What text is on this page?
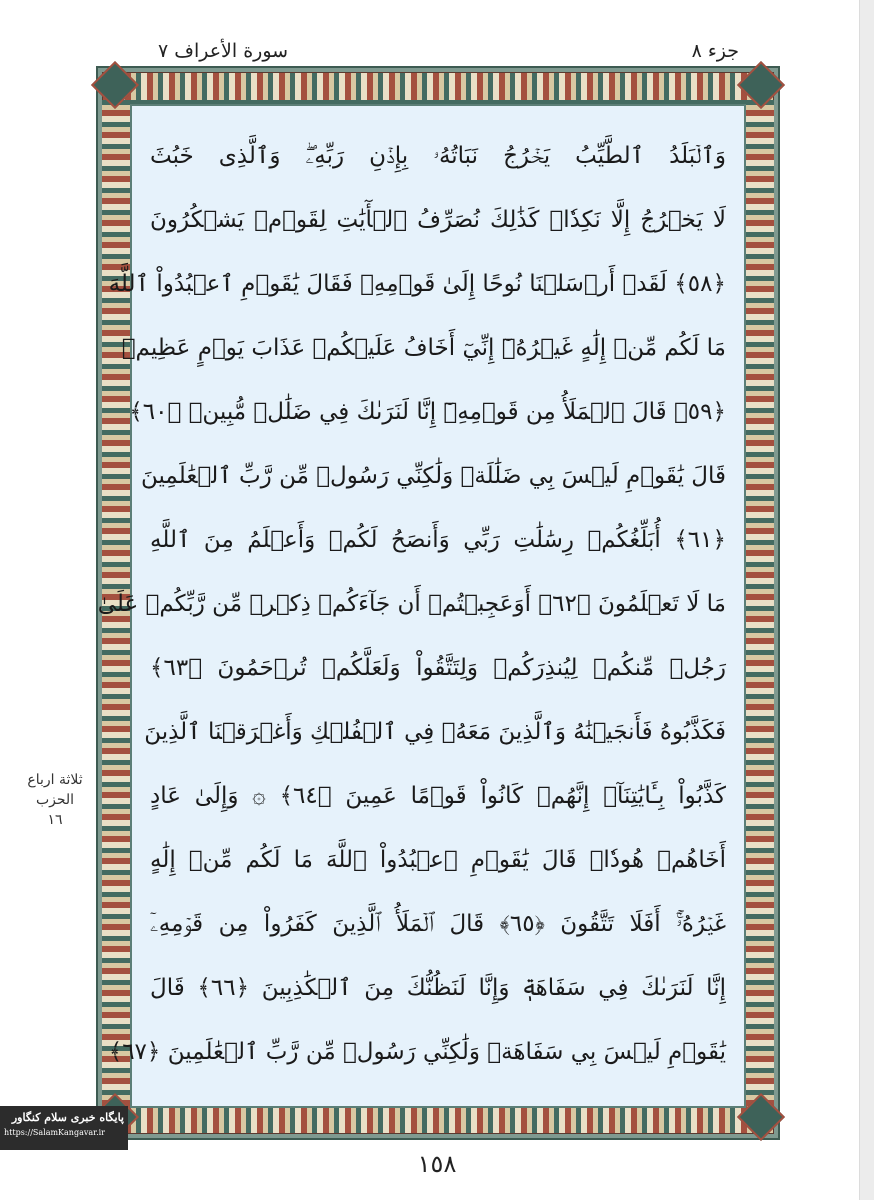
سورة الأعراف ٧	جزء ٨
وَٱلۡبَلَدُ ٱلطَّيِّبُ يَخۡرُجُ نَبَاتُهُۥ بِإِذۡنِ رَبِّهِۦۖ وَٱلَّذِى خَبُثَ
لَا يَخۡرُجُ إِلَّا نَكِدٗاۚ كَذَٰلِكَ نُصَرِّفُ ٱلۡأٓيَٰتِ لِقَوۡمٖ يَشۡكُرُونَ
﴿٥٨﴾ لَقَدۡ أَرۡسَلۡنَا نُوحًا إِلَىٰ قَوۡمِهِۦ فَقَالَ يَٰقَوۡمِ ٱعۡبُدُواْ ٱللَّهَ
مَا لَكُم مِّنۡ إِلَٰهٍ غَيۡرُهُۥٓ إِنِّيٓ أَخَافُ عَلَيۡكُمۡ عَذَابَ يَوۡمٍ عَظِيمٖ
﴿٥٩﴾ قَالَ ٱلۡمَلَأُ مِن قَوۡمِهِۦٓ إِنَّا لَنَرَىٰكَ فِي ضَلَٰلٖ مُّبِينٖ ﴿٦٠﴾
قَالَ يَٰقَوۡمِ لَيۡسَ بِي ضَلَٰلَةٞ وَلَٰكِنِّي رَسُولٞ مِّن رَّبِّ ٱلۡعَٰلَمِينَ
﴿٦١﴾ أُبَلِّغُكُمۡ رِسَٰلَٰتِ رَبِّي وَأَنصَحُ لَكُمۡ وَأَعۡلَمُ مِنَ ٱللَّهِ
مَا لَا تَعۡلَمُونَ ﴿٦٢﴾ أَوَعَجِبۡتُمۡ أَن جَآءَكُمۡ ذِكۡرٞ مِّن رَّبِّكُمۡ عَلَىٰ
رَجُلٖ مِّنكُمۡ لِيُنذِرَكُمۡ وَلِتَتَّقُواْ وَلَعَلَّكُمۡ تُرۡحَمُونَ ﴿٦٣﴾
فَكَذَّبُوهُ فَأَنجَيۡنَٰهُ وَٱلَّذِينَ مَعَهُۥ فِي ٱلۡفُلۡكِ وَأَغۡرَقۡنَا ٱلَّذِينَ
كَذَّبُواْ بِـَٔايَٰتِنَآۚ إِنَّهُمۡ كَانُواْ قَوۡمًا عَمِينَ ﴿٦٤﴾ ۞ وَإِلَىٰ عَادٍ
أَخَاهُمۡ هُودٗاۚ قَالَ يَٰقَوۡمِ ٱعۡبُدُواْ ٱللَّهَ مَا لَكُم مِّنۡ إِلَٰهٍ
غَيۡرُهُۥٓۚ أَفَلَا تَتَّقُونَ ﴿٦٥﴾ قَالَ ٱلۡمَلَأُ ٱلَّذِينَ كَفَرُواْ مِن قَوۡمِهِۦٓ
إِنَّا لَنَرَىٰكَ فِي سَفَاهَةٖ وَإِنَّا لَنَظُنُّكَ مِنَ ٱلۡكَٰذِبِينَ ﴿٦٦﴾ قَالَ
يَٰقَوۡمِ لَيۡسَ بِي سَفَاهَةٞ وَلَٰكِنِّي رَسُولٞ مِّن رَّبِّ ٱلۡعَٰلَمِينَ ﴿٦٧﴾
ثلاثة ارباع
الحزب
١٦
پایگاه خبری سلام کنگاور
https://SalamKangavar.ir
١٥٨
